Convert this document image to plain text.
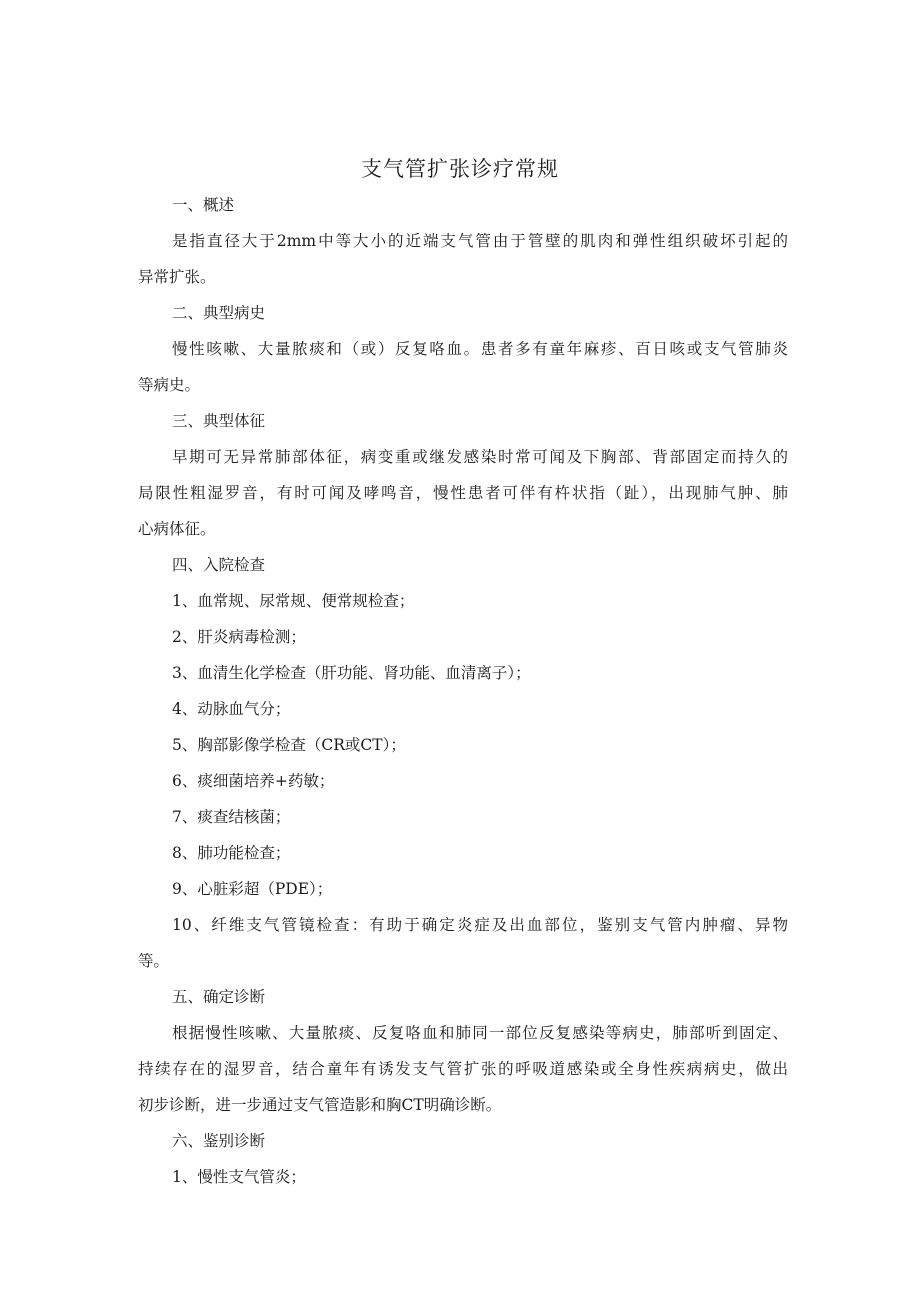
支气管扩张诊疗常规
一、概述
是指直径大于2mm中等大小的近端支气管由于管壁的肌肉和弹性组织破坏引起的
异常扩张。
二、典型病史
慢性咳嗽、大量脓痰和（或）反复咯血。患者多有童年麻疹、百日咳或支气管肺炎
等病史。
三、典型体征
早期可无异常肺部体征，病变重或继发感染时常可闻及下胸部、背部固定而持久的
局限性粗湿罗音，有时可闻及哮鸣音，慢性患者可伴有杵状指（趾），出现肺气肿、肺
心病体征。
四、入院检查
1、血常规、尿常规、便常规检查；
2、肝炎病毒检测；
3、血清生化学检查（肝功能、肾功能、血清离子）；
4、动脉血气分；
5、胸部影像学检查（CR或CT）；
6、痰细菌培养+药敏；
7、痰查结核菌；
8、肺功能检查；
9、心脏彩超（PDE）；
10、纤维支气管镜检查：有助于确定炎症及出血部位，鉴别支气管内肿瘤、异物
等。
五、确定诊断
根据慢性咳嗽、大量脓痰、反复咯血和肺同一部位反复感染等病史，肺部听到固定、
持续存在的湿罗音，结合童年有诱发支气管扩张的呼吸道感染或全身性疾病病史，做出
初步诊断，进一步通过支气管造影和胸CT明确诊断。
六、鉴别诊断
1、慢性支气管炎；
